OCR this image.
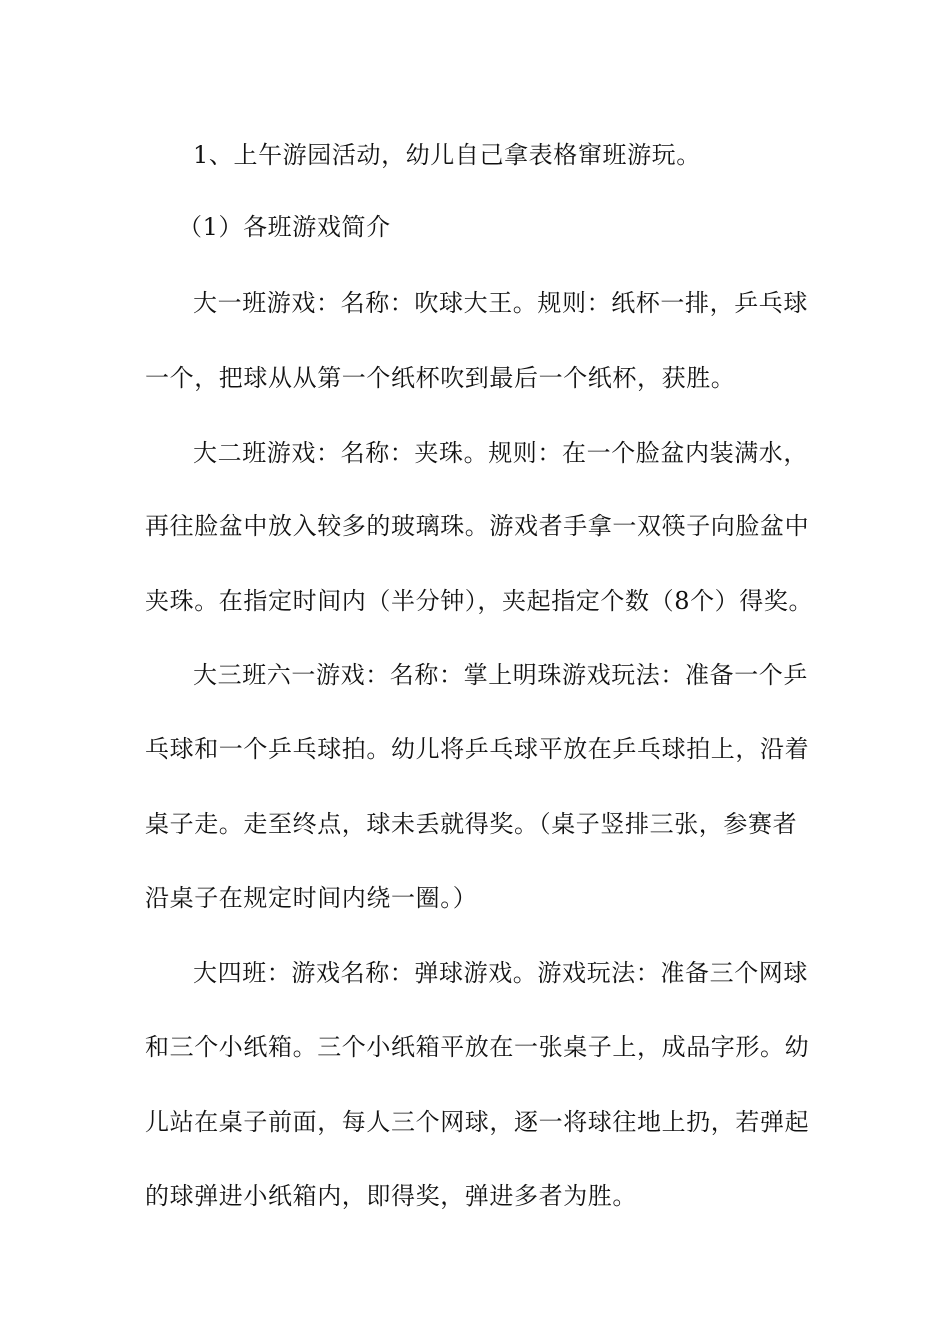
1、上午游园活动，幼儿自己拿表格窜班游玩。
（1）各班游戏简介
大一班游戏：名称：吹球大王。规则：纸杯一排，乒乓球
一个，把球从从第一个纸杯吹到最后一个纸杯，获胜。
大二班游戏：名称：夹珠。规则：在一个脸盆内装满水，
再往脸盆中放入较多的玻璃珠。游戏者手拿一双筷子向脸盆中
夹珠。在指定时间内（半分钟），夹起指定个数（8个）得奖。
大三班六一游戏：名称：掌上明珠游戏玩法：准备一个乒
乓球和一个乒乓球拍。幼儿将乒乓球平放在乒乓球拍上，沿着
桌子走。走至终点，球未丢就得奖。（桌子竖排三张，参赛者
沿桌子在规定时间内绕一圈。）
大四班：游戏名称：弹球游戏。游戏玩法：准备三个网球
和三个小纸箱。三个小纸箱平放在一张桌子上，成品字形。幼
儿站在桌子前面，每人三个网球，逐一将球往地上扔，若弹起
的球弹进小纸箱内，即得奖，弹进多者为胜。
